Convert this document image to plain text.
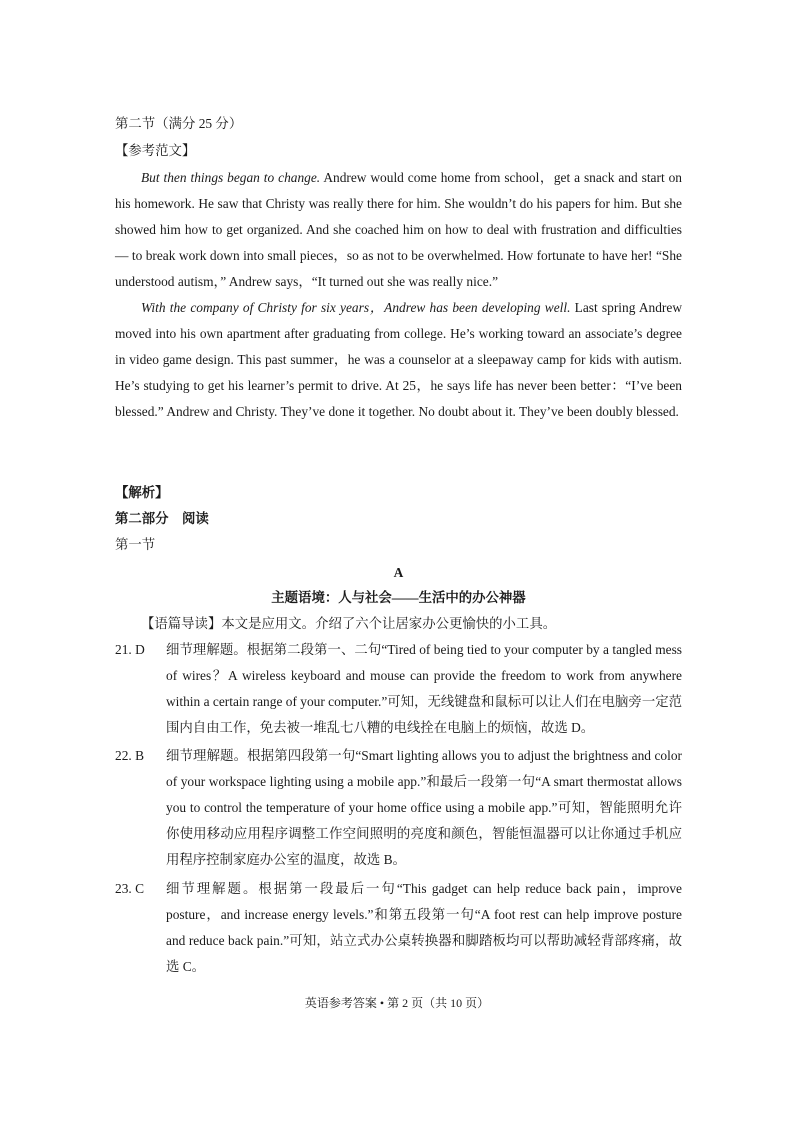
第二节（满分 25 分）
【参考范文】
But then things began to change. Andrew would come home from school，get a snack and start on his homework. He saw that Christy was really there for him. She wouldn’t do his papers for him. But she showed him how to get organized. And she coached him on how to deal with frustration and difficulties — to break work down into small pieces，so as not to be overwhelmed. How fortunate to have her! “She understood autism，” Andrew says，“It turned out she was really nice.”
With the company of Christy for six years，Andrew has been developing well. Last spring Andrew moved into his own apartment after graduating from college. He’s working toward an associate’s degree in video game design. This past summer，he was a counselor at a sleepaway camp for kids with autism. He’s studying to get his learner’s permit to drive. At 25，he says life has never been better：“I’ve been blessed.” Andrew and Christy. They’ve done it together. No doubt about it. They’ve been doubly blessed.
【解析】
第二部分　阅读
第一节
A
主题语境：人与社会——生活中的办公神器
【语篇导读】本文是应用文。介绍了六个让居家办公更愉快的小工具。
21. D 细节理解题。根据第二段第一、二句“Tired of being tied to your computer by a tangled mess of wires？A wireless keyboard and mouse can provide the freedom to work from anywhere within a certain range of your computer.”可知，无线键盘和鼠标可以让人们在电脑旁一定范围内自由工作，免去被一堆乱七八糟的电线拴在电脑上的烦恼，故选 D。
22. B 细节理解题。根据第四段第一句“Smart lighting allows you to adjust the brightness and color of your workspace lighting using a mobile app.”和最后一段第一句“A smart thermostat allows you to control the temperature of your home office using a mobile app.”可知，智能照明允许你使用移动应用程序调整工作空间照明的亮度和颜色，智能恒温器可以让你通过手机应用程序控制家庭办公室的温度，故选 B。
23. C 细节理解题。根据第一段最后一句“This gadget can help reduce back pain，improve posture，and increase energy levels.”和第五段第一句“A foot rest can help improve posture and reduce back pain.”可知，站立式办公桌转换器和脚踏板均可以帮助减轻背部疼痛，故选 C。
英语参考答案 • 第 2 页（共 10 页）
